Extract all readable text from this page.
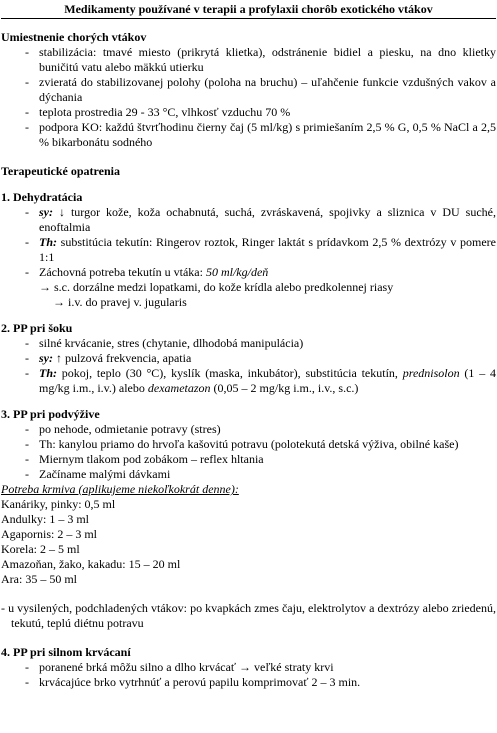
Medikamenty používané v terapii a profylaxii chorôb exotického vtákov
Umiestnenie chorých vtákov
- stabilizácia: tmavé miesto (prikrytá klietka), odstránenie bidiel a piesku, na dno klietky buničitú vatu alebo mäkkú utierku
- zvieratá do stabilizovanej polohy (poloha na bruchu) – uľahčenie funkcie vzdušných vakov a dýchania
- teplota prostredia 29 - 33 °C, vlhkosť vzduchu 70 %
- podpora KO: každú štvrťhodinu čierny čaj (5 ml/kg) s primiešaním 2,5 % G, 0,5 % NaCl a 2,5 % bikarbonátu sodného
Terapeutické opatrenia
1. Dehydratácia
- sy: ↓ turgor kože, koža ochabnutá, suchá, zvráskavená, spojivky a sliznica v DU suché, enoftalmia
- Th: substitúcia tekutín: Ringerov roztok, Ringer laktát s prídavkom 2,5 % dextrózy v pomere 1:1
- Záchovná potreba tekutín u vtáka: 50 ml/kg/deň
→ s.c. dorzálne medzi lopatkami, do kože krídla alebo predkolennej riasy
→ i.v. do pravej v. jugularis
2. PP pri šoku
- silné krvácanie, stres (chytanie, dlhodobá manipulácia)
- sy: ↑ pulzová frekvencia, apatia
- Th: pokoj, teplo (30 °C), kyslík (maska, inkubátor), substitúcia tekutín, prednisolon (1 – 4 mg/kg i.m., i.v.) alebo dexametazon (0,05 – 2 mg/kg i.m., i.v., s.c.)
3. PP pri podvýžive
- po nehode, odmietanie potravy (stres)
- Th: kanylou priamo do hrvoľa kašovitú potravu (polotekutá detská výživa, obilné kaše)
- Miernym tlakom pod zobákom – reflex hltania
- Začíname malými dávkami
Potreba krmiva (aplikujeme niekoľkokrát denne):
Kanáriky, pinky: 0,5 ml
Andulky: 1 – 3 ml
Agapornis: 2 – 3 ml
Korela: 2 – 5 ml
Amazoňan, žako, kakadu: 15 – 20 ml
Ara: 35 – 50 ml
- u vysilených, podchladených vtákov: po kvapkách zmes čaju, elektrolytov a dextrózy alebo zriedenú, tekutú, teplú diétnu potravu
4. PP pri silnom krvácaní
- poranené brká môžu silno a dlho krvácať → veľké straty krvi
- krvácajúce brko vytrhnúť a perovú papilu komprimovať 2 – 3 min.
